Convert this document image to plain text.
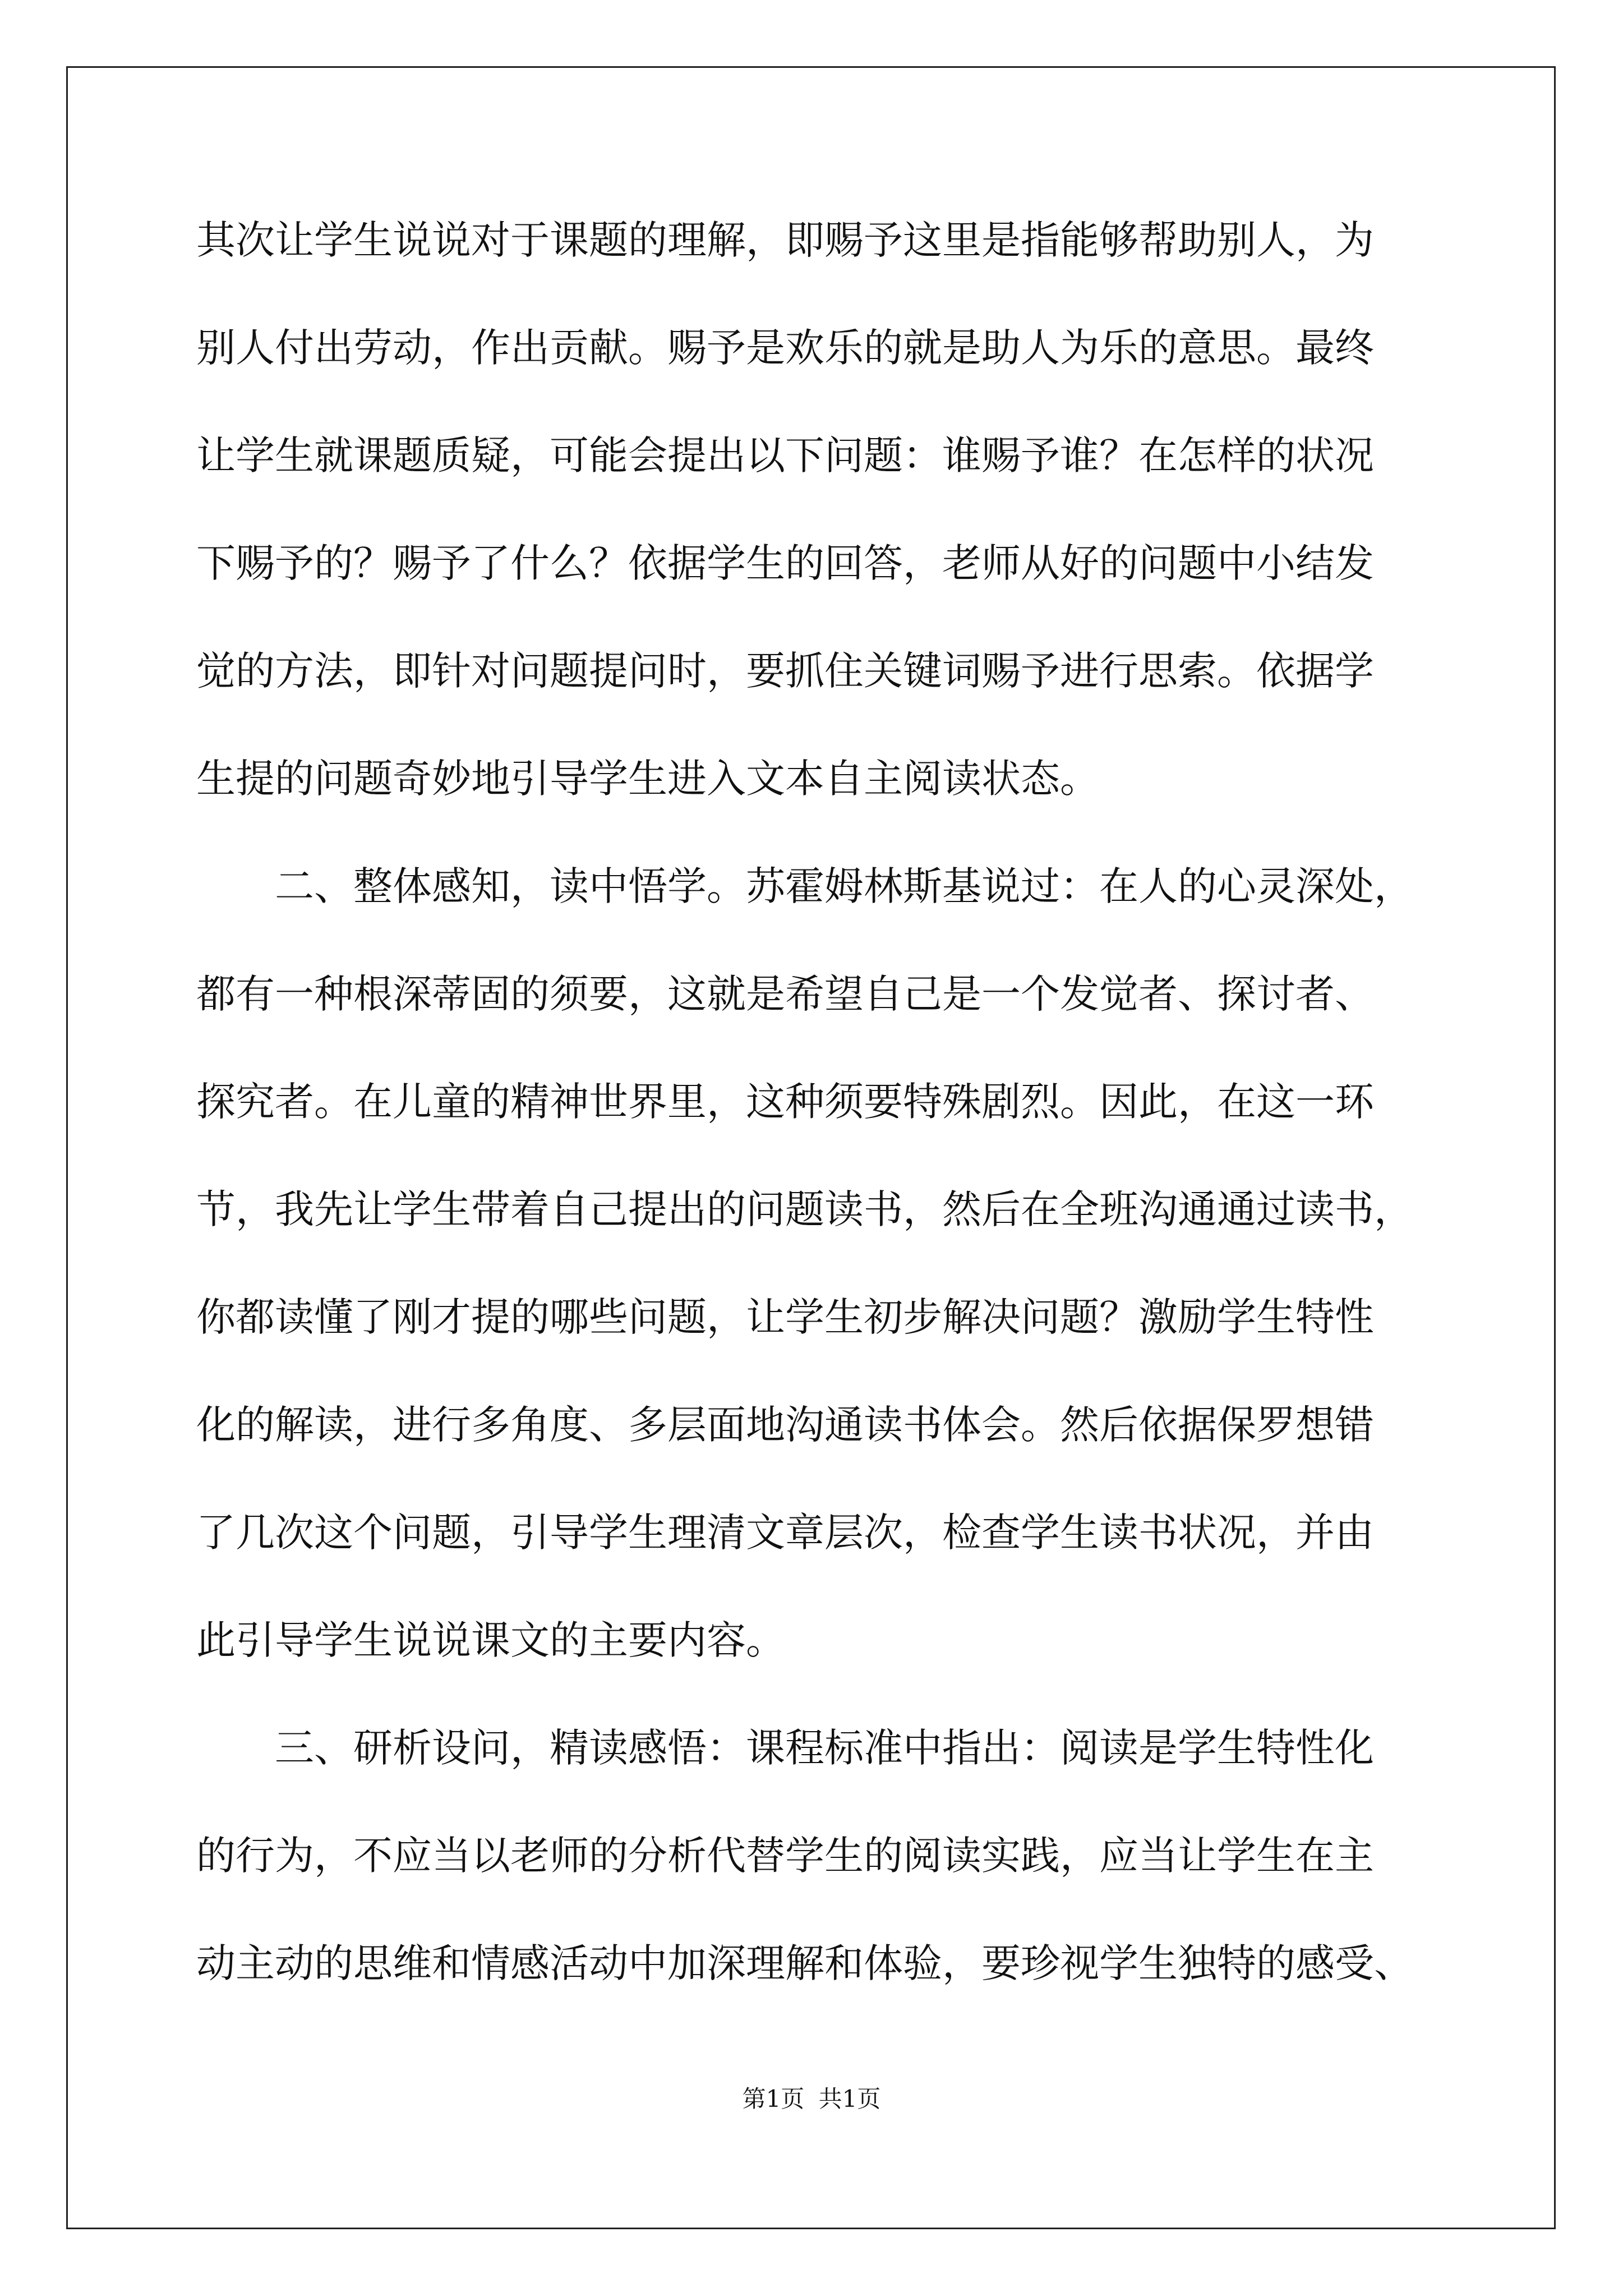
其次让学生说说对于课题的理解，即赐予这里是指能够帮助别人，为
别人付出劳动，作出贡献。赐予是欢乐的就是助人为乐的意思。最终
让学生就课题质疑，可能会提出以下问题：谁赐予谁？在怎样的状况
下赐予的？赐予了什么？依据学生的回答，老师从好的问题中小结发
觉的方法，即针对问题提问时，要抓住关键词赐予进行思索。依据学
生提的问题奇妙地引导学生进入文本自主阅读状态。
二、整体感知，读中悟学。苏霍姆林斯基说过：在人的心灵深处，
都有一种根深蒂固的须要，这就是希望自己是一个发觉者、探讨者、
探究者。在儿童的精神世界里，这种须要特殊剧烈。因此，在这一环
节，我先让学生带着自己提出的问题读书，然后在全班沟通通过读书，
你都读懂了刚才提的哪些问题，让学生初步解决问题？激励学生特性
化的解读，进行多角度、多层面地沟通读书体会。然后依据保罗想错
了几次这个问题，引导学生理清文章层次，检查学生读书状况，并由
此引导学生说说课文的主要内容。
三、研析设问，精读感悟：课程标准中指出：阅读是学生特性化
的行为，不应当以老师的分析代替学生的阅读实践，应当让学生在主
动主动的思维和情感活动中加深理解和体验，要珍视学生独特的感受、
第1页 共1页
